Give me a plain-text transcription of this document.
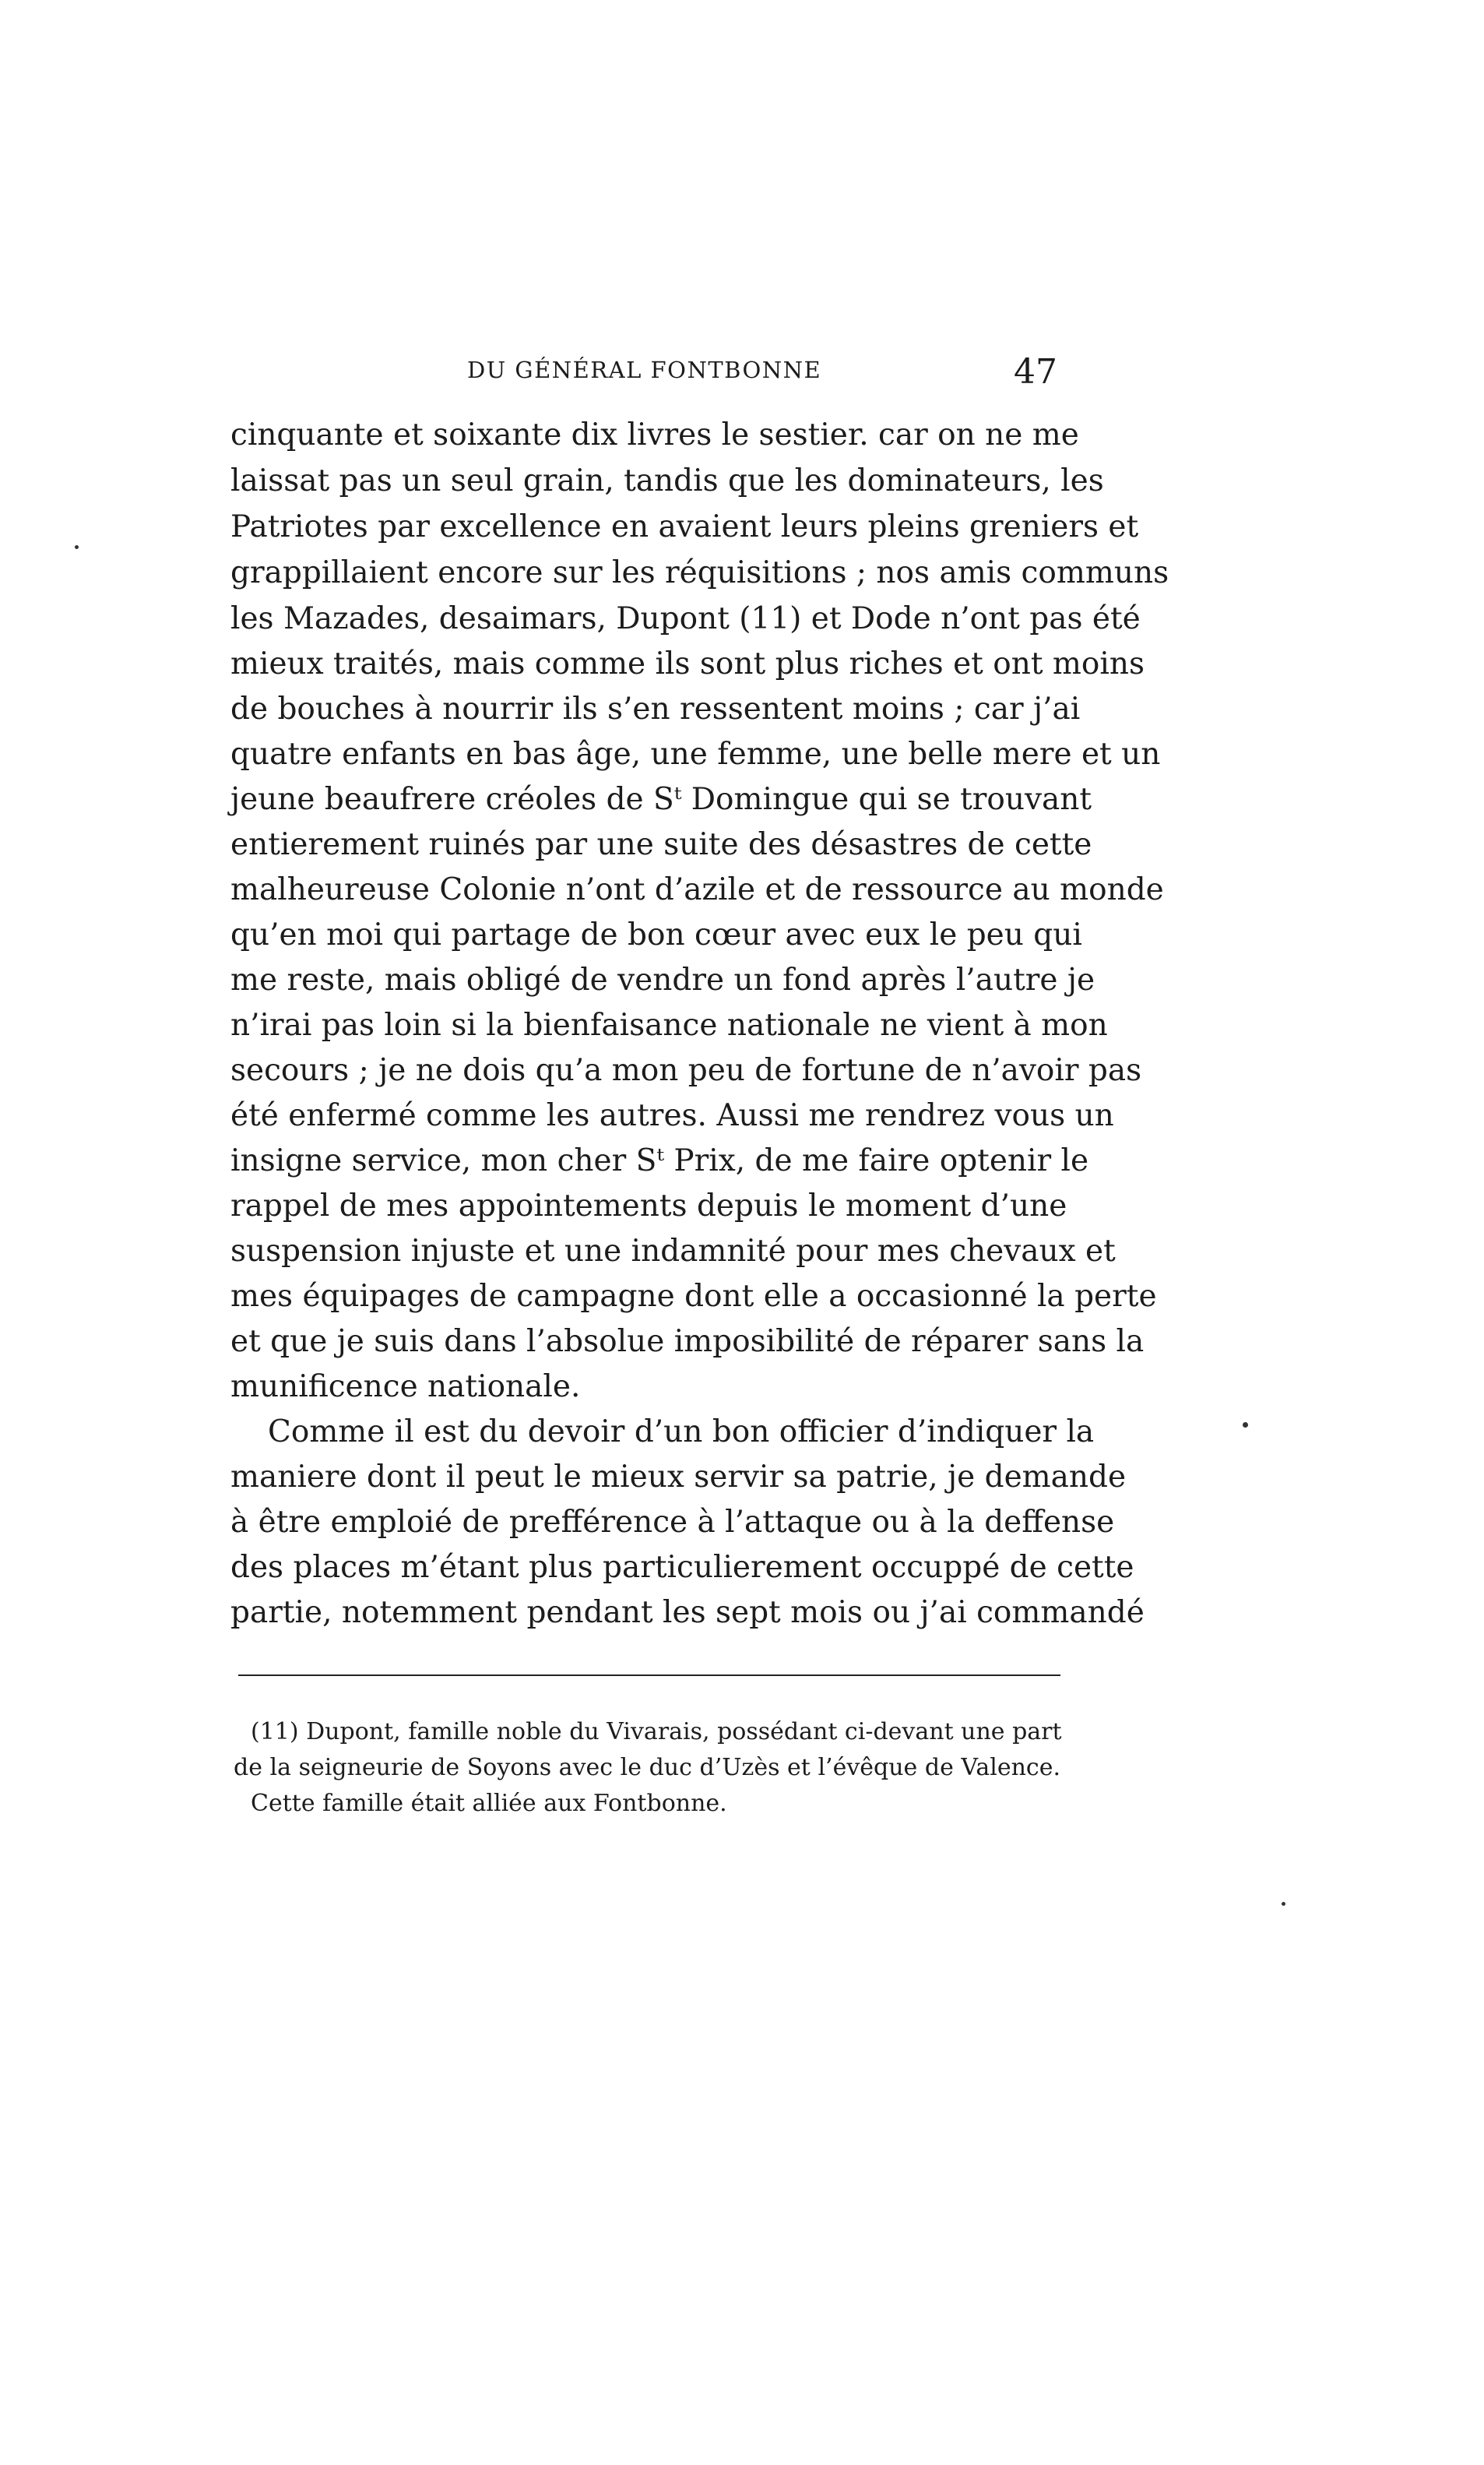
DU GÉNÉRAL FONTBONNE	47
cinquante et soixante dix livres le sestier. car on ne me
laissat pas un seul grain, tandis que les dominateurs, les
Patriotes par excellence en avaient leurs pleins greniers et
grappillaient encore sur les réquisitions ; nos amis communs
les Mazades, desaimars, Dupont (11) et Dode n’ont pas été
mieux traités, mais comme ils sont plus riches et ont moins
de bouches à nourrir ils s’en ressentent moins ; car j’ai
quatre enfants en bas âge, une femme, une belle mere et un
jeune beaufrere créoles de Sᵗ Domingue qui se trouvant
entierement ruinés par une suite des désastres de cette
malheureuse Colonie n’ont d’azile et de ressource au monde
qu’en moi qui partage de bon cœur avec eux le peu qui
me reste, mais obligé de vendre un fond après l’autre je
n’irai pas loin si la bienfaisance nationale ne vient à mon
secours ; je ne dois qu’a mon peu de fortune de n’avoir pas
été enfermé comme les autres. Aussi me rendrez vous un
insigne service, mon cher Sᵗ Prix, de me faire optenir le
rappel de mes appointements depuis le moment d’une
suspension injuste et une indamnité pour mes chevaux et
mes équipages de campagne dont elle a occasionné la perte
et que je suis dans l’absolue imposibilité de réparer sans la
munificence nationale.
Comme il est du devoir d’un bon officier d’indiquer la
maniere dont il peut le mieux servir sa patrie, je demande
à être emploié de prefférence à l’attaque ou à la deffense
des places m’étant plus particulierement occuppé de cette
partie, notemment pendant les sept mois ou j’ai commandé
(11) Dupont, famille noble du Vivarais, possédant ci-devant une part
de la seigneurie de Soyons avec le duc d’Uzès et l’évêque de Valence.
Cette famille était alliée aux Fontbonne.
